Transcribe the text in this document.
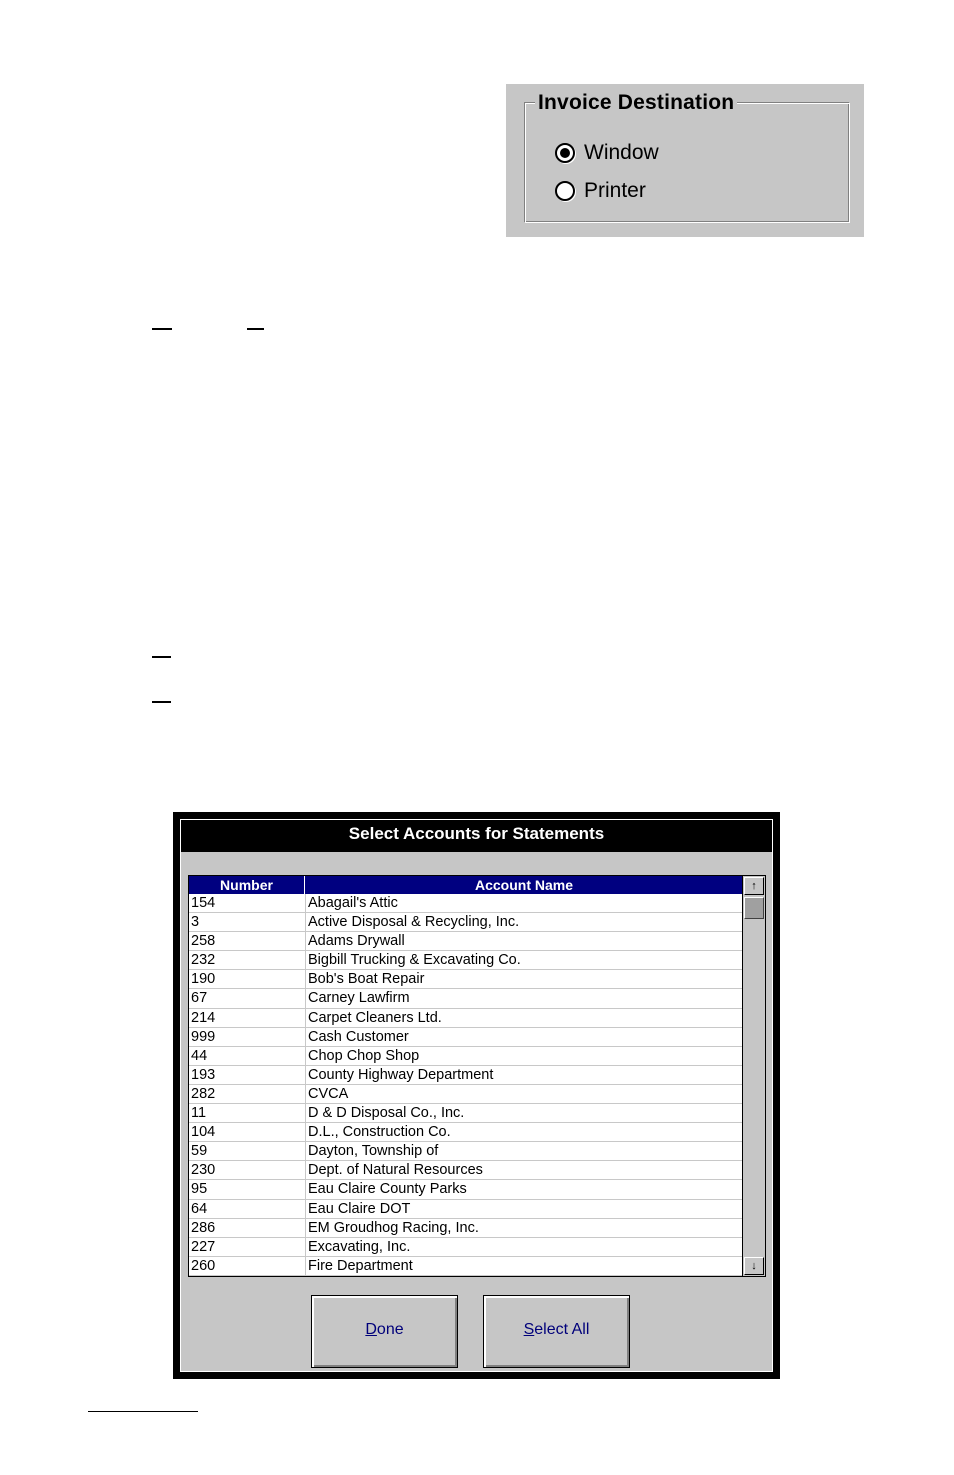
Invoice Destination
Window
Printer
Select Accounts for Statements
Number	Account Name
154	Abagail's Attic
3	Active Disposal & Recycling, Inc.
258	Adams Drywall
232	Bigbill Trucking & Excavating Co.
190	Bob's Boat Repair
67	Carney Lawfirm
214	Carpet Cleaners Ltd.
999	Cash Customer
44	Chop Chop Shop
193	County Highway Department
282	CVCA
11	D & D Disposal Co., Inc.
104	D.L., Construction Co.
59	Dayton, Township of
230	Dept. of Natural Resources
95	Eau Claire County Parks
64	Eau Claire DOT
286	EM Groudhog Racing, Inc.
227	Excavating, Inc.
260	Fire Department
↑
↓
Done	Select All
